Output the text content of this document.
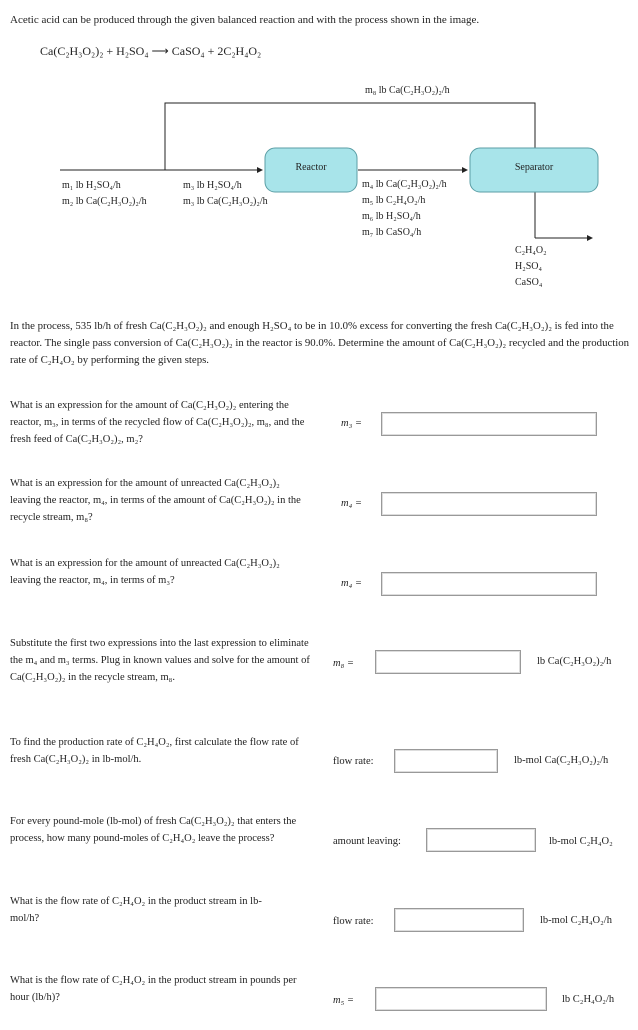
Acetic acid can be produced through the given balanced reaction and with the process shown in the image.
Ca(C₂H₃O₂)₂ + H₂SO₄ ⟶ CaSO₄ + 2C₂H₄O₂
m₈ lb Ca(C₂H₃O₂)₂/h
m₁ lb H₂SO₄/h
m₂ lb Ca(C₂H₃O₂)₂/h
m₃ lb H₂SO₄/h
m₃ lb Ca(C₂H₃O₂)₂/h
Reactor
m₄ lb Ca(C₂H₃O₂)₂/h
m₅ lb C₂H₄O₂/h
m₆ lb H₂SO₄/h
m₇ lb CaSO₄/h
Separator
C₂H₄O₂
H₂SO₄
CaSO₄
In the process, 535 lb/h of fresh Ca(C₂H₃O₂)₂ and enough H₂SO₄ to be in 10.0% excess for converting the fresh Ca(C₂H₃O₂)₂ is fed into the reactor. The single pass conversion of Ca(C₂H₃O₂)₂ in the reactor is 90.0%. Determine the amount of Ca(C₂H₃O₂)₂ recycled and the production rate of C₂H₄O₂ by performing the given steps.
What is an expression for the amount of Ca(C₂H₃O₂)₂ entering the reactor, m₃, in terms of the recycled flow of Ca(C₂H₃O₂)₂, m₈, and the fresh feed of Ca(C₂H₃O₂)₂, m₂?
m₃ =
What is an expression for the amount of unreacted Ca(C₂H₃O₂)₂ leaving the reactor, m₄, in terms of the amount of Ca(C₂H₃O₂)₂ in the recycle stream, m₈?
m₄ =
What is an expression for the amount of unreacted Ca(C₂H₃O₂)₂ leaving the reactor, m₄, in terms of m₃?	m₄ =
Substitute the first two expressions into the last expression to eliminate the m₄ and m₃ terms. Plug in known values and solve for the amount of Ca(C₂H₃O₂)₂ in the recycle stream, m₈.
m₈ =	lb Ca(C₂H₃O₂)₂/h
To find the production rate of C₂H₄O₂, first calculate the flow rate of fresh Ca(C₂H₃O₂)₂ in lb-mol/h.	flow rate:	lb-mol Ca(C₂H₃O₂)₂/h
For every pound-mole (lb-mol) of fresh Ca(C₂H₃O₂)₂ that enters the process, how many pound-moles of C₂H₄O₂ leave the process?	amount leaving:	lb-mol C₂H₄O₂
What is the flow rate of C₂H₄O₂ in the product stream in lb-mol/h?	flow rate:	lb-mol C₂H₄O₂/h
What is the flow rate of C₂H₄O₂ in the product stream in pounds per hour (lb/h)?	m₅ =	lb C₂H₄O₂/h
